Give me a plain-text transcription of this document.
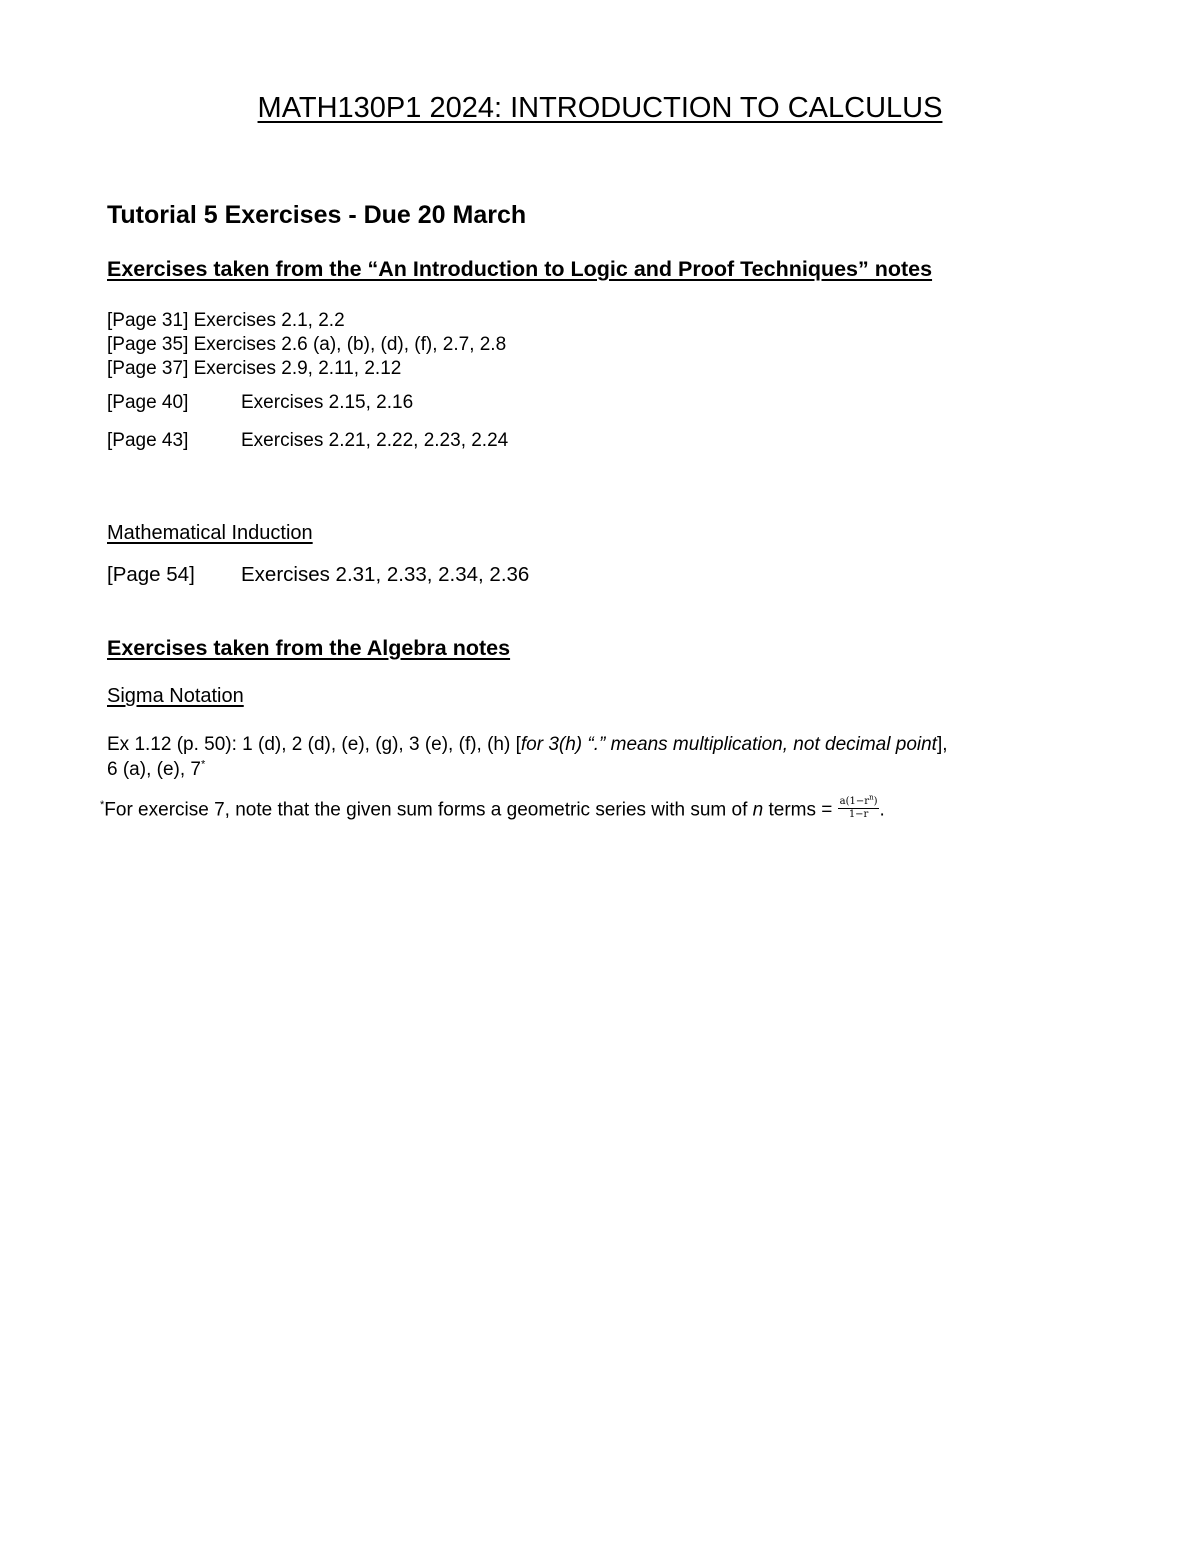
MATH130P1 2024: INTRODUCTION TO CALCULUS
Tutorial 5 Exercises - Due 20 March
Exercises taken from the “An Introduction to Logic and Proof Techniques” notes
[Page 31] Exercises 2.1, 2.2
[Page 35] Exercises 2.6 (a), (b), (d), (f), 2.7, 2.8
[Page 37] Exercises 2.9, 2.11, 2.12
[Page 40]	Exercises 2.15, 2.16
[Page 43]	Exercises 2.21, 2.22, 2.23, 2.24
Mathematical Induction
[Page 54] Exercises 2.31, 2.33, 2.34, 2.36
Exercises taken from the Algebra notes
Sigma Notation
Ex 1.12 (p. 50): 1 (d), 2 (d), (e), (g), 3 (e), (f), (h) [for 3(h) “.” means multiplication, not decimal point], 6 (a), (e), 7*
*For exercise 7, note that the given sum forms a geometric series with sum of n terms = $\frac{a(1-r^n)}{1-r}$ .
